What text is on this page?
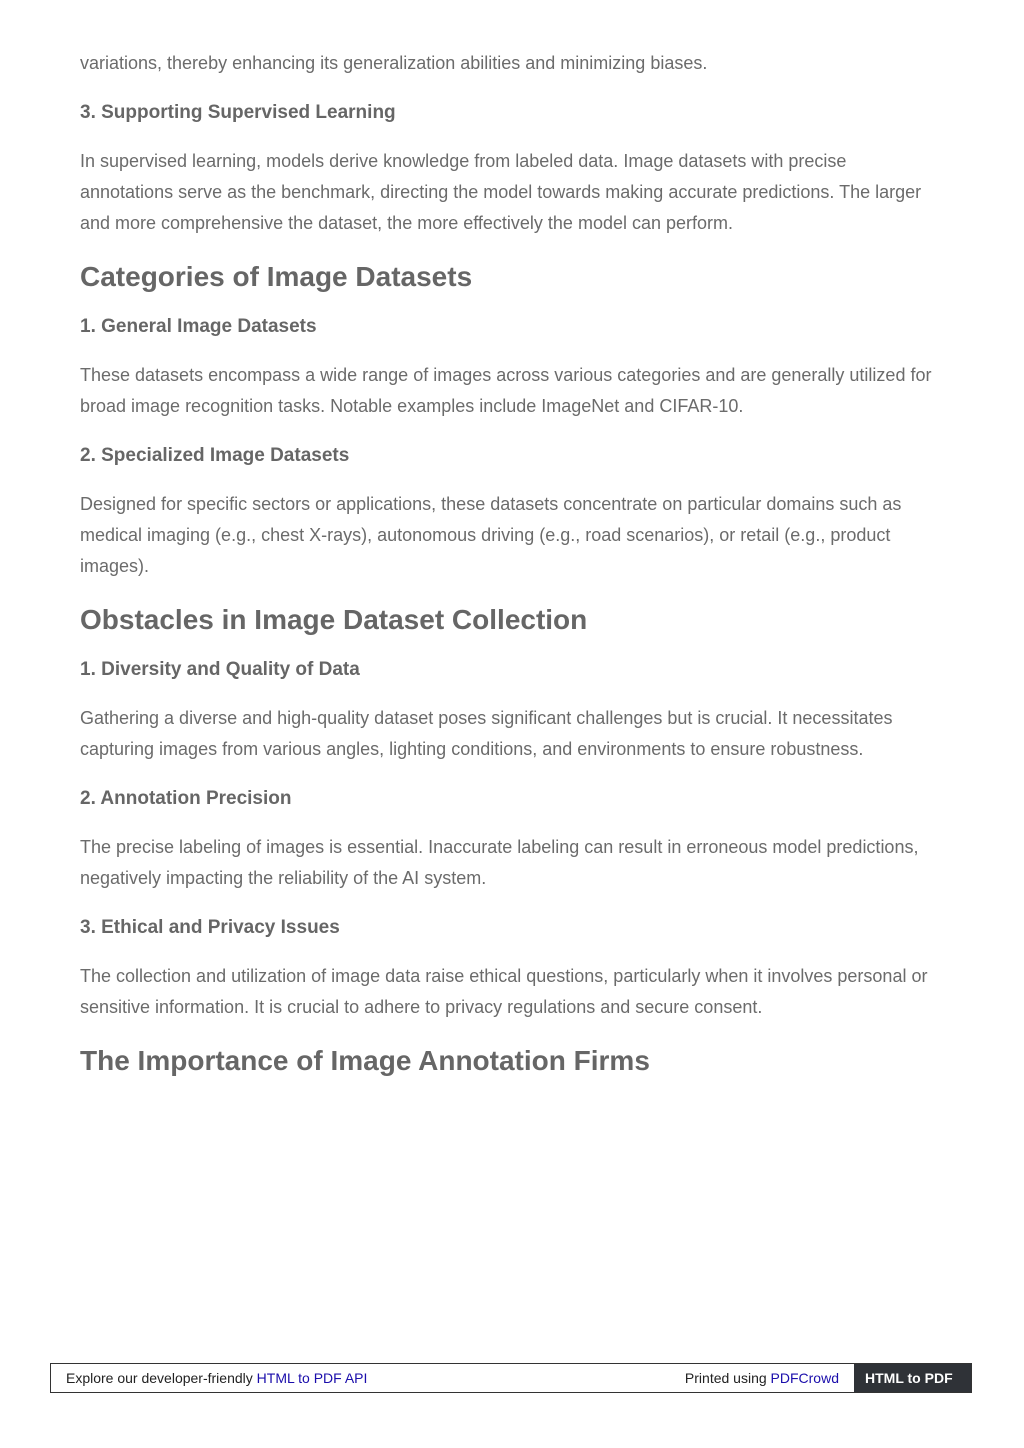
variations, thereby enhancing its generalization abilities and minimizing biases.

3. Supporting Supervised Learning

In supervised learning, models derive knowledge from labeled data. Image datasets with precise annotations serve as the benchmark, directing the model towards making accurate predictions. The larger and more comprehensive the dataset, the more effectively the model can perform.

Categories of Image Datasets
1. General Image Datasets

These datasets encompass a wide range of images across various categories and are generally utilized for broad image recognition tasks. Notable examples include ImageNet and CIFAR-10.

2. Specialized Image Datasets

Designed for specific sectors or applications, these datasets concentrate on particular domains such as medical imaging (e.g., chest X-rays), autonomous driving (e.g., road scenarios), or retail (e.g., product images).

Obstacles in Image Dataset Collection
1. Diversity and Quality of Data

Gathering a diverse and high-quality dataset poses significant challenges but is crucial. It necessitates capturing images from various angles, lighting conditions, and environments to ensure robustness.

2. Annotation Precision

The precise labeling of images is essential. Inaccurate labeling can result in erroneous model predictions, negatively impacting the reliability of the AI system.

3. Ethical and Privacy Issues

The collection and utilization of image data raise ethical questions, particularly when it involves personal or sensitive information. It is crucial to adhere to privacy regulations and secure consent.

The Importance of Image Annotation Firms
Explore our developer-friendly
HTML to PDF API	Printed using
PDFCrowd	HTML to PDF
